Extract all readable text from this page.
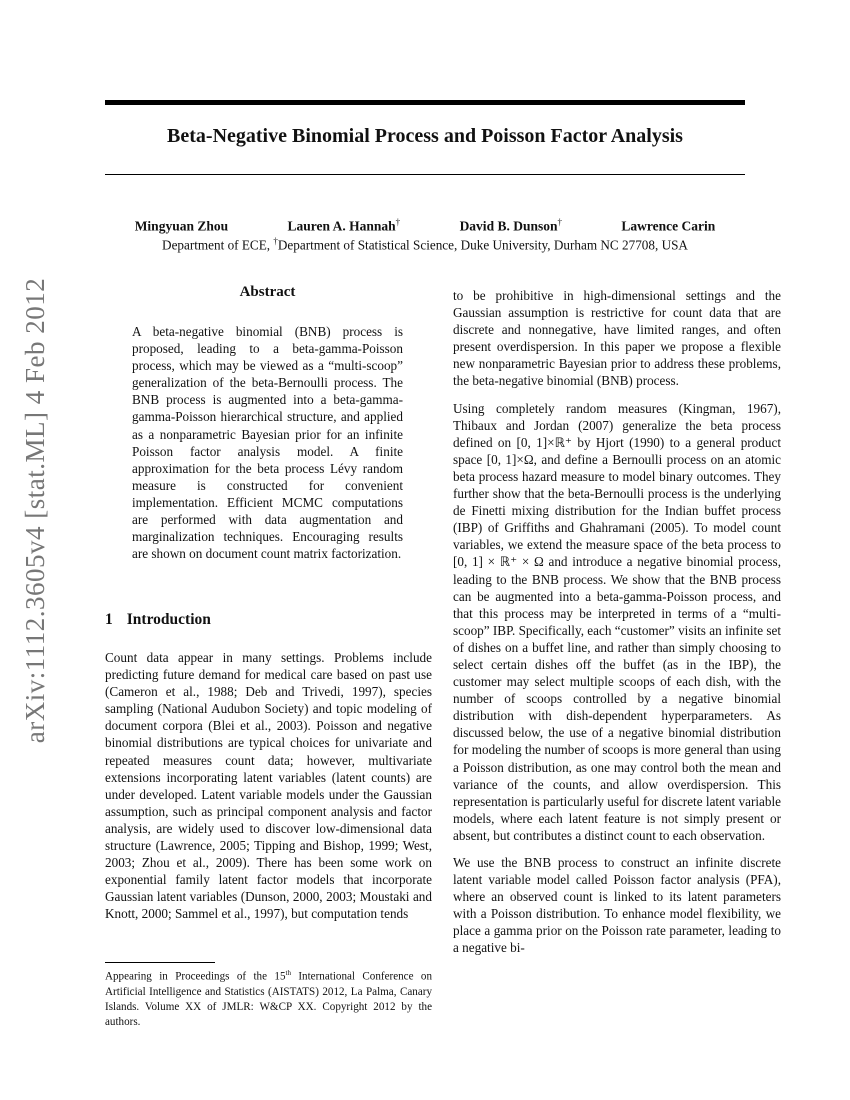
arXiv:1112.3605v4 [stat.ML] 4 Feb 2012
Beta-Negative Binomial Process and Poisson Factor Analysis
Mingyuan Zhou	Lauren A. Hannah†	David B. Dunson†	Lawrence Carin
Department of ECE, †Department of Statistical Science, Duke University, Durham NC 27708, USA
Abstract

A beta-negative binomial (BNB) process is proposed, leading to a beta-gamma-Poisson process, which may be viewed as a “multi-scoop” generalization of the beta-Bernoulli process. The BNB process is augmented into a beta-gamma-gamma-Poisson hierarchical structure, and applied as a nonparametric Bayesian prior for an infinite Poisson factor analysis model. A finite approximation for the beta process Lévy random measure is constructed for convenient implementation. Efficient MCMC computations are performed with data augmentation and marginalization techniques. Encouraging results are shown on document count matrix factorization.

1 Introduction

Count data appear in many settings. Problems include predicting future demand for medical care based on past use (Cameron et al., 1988; Deb and Trivedi, 1997), species sampling (National Audubon Society) and topic modeling of document corpora (Blei et al., 2003). Poisson and negative binomial distributions are typical choices for univariate and repeated measures count data; however, multivariate extensions incorporating latent variables (latent counts) are under developed. Latent variable models under the Gaussian assumption, such as principal component analysis and factor analysis, are widely used to discover low-dimensional data structure (Lawrence, 2005; Tipping and Bishop, 1999; West, 2003; Zhou et al., 2009). There has been some work on exponential family latent factor models that incorporate Gaussian latent variables (Dunson, 2000, 2003; Moustaki and Knott, 2000; Sammel et al., 1997), but computation tends

to be prohibitive in high-dimensional settings and the Gaussian assumption is restrictive for count data that are discrete and nonnegative, have limited ranges, and often present overdispersion. In this paper we propose a flexible new nonparametric Bayesian prior to address these problems, the beta-negative binomial (BNB) process.

Using completely random measures (Kingman, 1967), Thibaux and Jordan (2007) generalize the beta process defined on [0, 1]×ℝ⁺ by Hjort (1990) to a general product space [0, 1]×Ω, and define a Bernoulli process on an atomic beta process hazard measure to model binary outcomes. They further show that the beta-Bernoulli process is the underlying de Finetti mixing distribution for the Indian buffet process (IBP) of Griffiths and Ghahramani (2005). To model count variables, we extend the measure space of the beta process to [0, 1] × ℝ⁺ × Ω and introduce a negative binomial process, leading to the BNB process. We show that the BNB process can be augmented into a beta-gamma-Poisson process, and that this process may be interpreted in terms of a “multi-scoop” IBP. Specifically, each “customer” visits an infinite set of dishes on a buffet line, and rather than simply choosing to select certain dishes off the buffet (as in the IBP), the customer may select multiple scoops of each dish, with the number of scoops controlled by a negative binomial distribution with dish-dependent hyperparameters. As discussed below, the use of a negative binomial distribution for modeling the number of scoops is more general than using a Poisson distribution, as one may control both the mean and variance of the counts, and allow overdispersion. This representation is particularly useful for discrete latent variable models, where each latent feature is not simply present or absent, but contributes a distinct count to each observation.

We use the BNB process to construct an infinite discrete latent variable model called Poisson factor analysis (PFA), where an observed count is linked to its latent parameters with a Poisson distribution. To enhance model flexibility, we place a gamma prior on the Poisson rate parameter, leading to a negative bi-

Appearing in Proceedings of the 15th International Conference on Artificial Intelligence and Statistics (AISTATS) 2012, La Palma, Canary Islands. Volume XX of JMLR: W&CP XX. Copyright 2012 by the authors.
